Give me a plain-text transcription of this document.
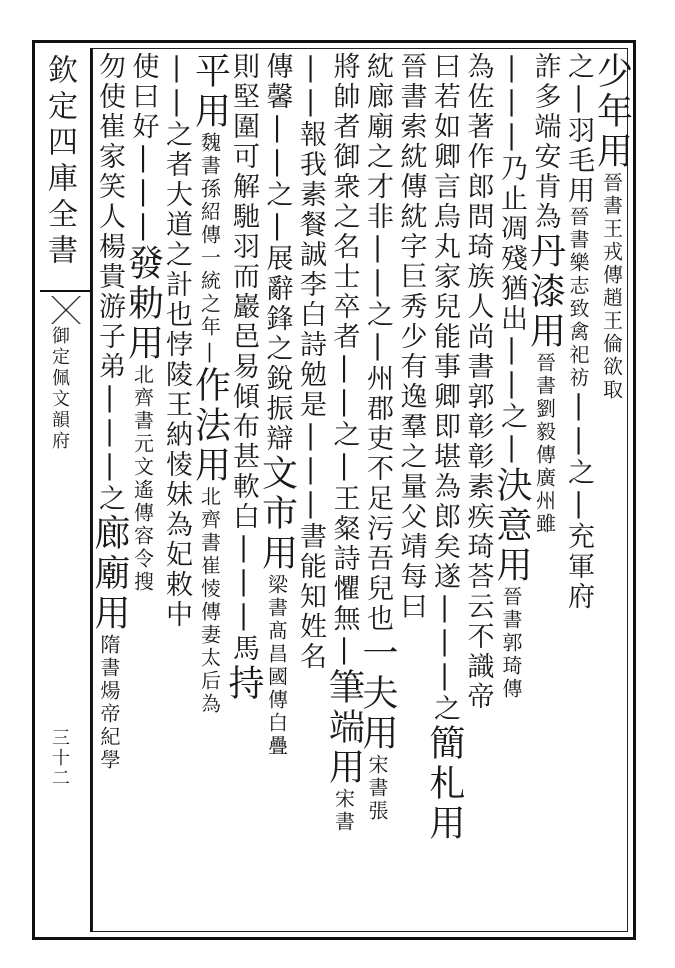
欽定四庫全書
御定佩文韻府
三十二
少年用晉書王戎傳趙王倫欲取
之|羽毛用晉書樂志致禽祀祊||之|充軍府
詐多端安肯為丹漆用晉書劉毅傳廣州雖
|||乃止凋殘猶出||之|決意用晉書郭琦傳
為佐著作郎問琦族人尚書郭彰彰素疾琦荅云不識帝
曰若如卿言烏丸家兒能事卿即堪為郎矣遂|||之簡札用
晉書索紞傳紞字巨秀少有逸羣之量父靖每曰
紞廊廟之才非||之|州郡吏不足污吾兒也一夫用宋書張
將帥者御衆之名士卒者||之|王粲詩懼無|筆端用宋書
||報我素餐誠李白詩勉是|||書能知姓名
傳馨||之|展辭鋒之銳振辯文市用梁書髙昌國傳白疊
則堅圍可解馳羽而巖邑易傾布甚軟白|||馬持
平用魏書孫紹傳一統之年|作法用北齊書崔㥄傳妻太后為
||之者大道之計也悖陵王納㥄妹為妃敕中
使曰好|||發勅用北齊書元文遙傳容令搜
勿使崔家笑人楊貴游子弟|||之廊廟用隋書煬帝紀學
